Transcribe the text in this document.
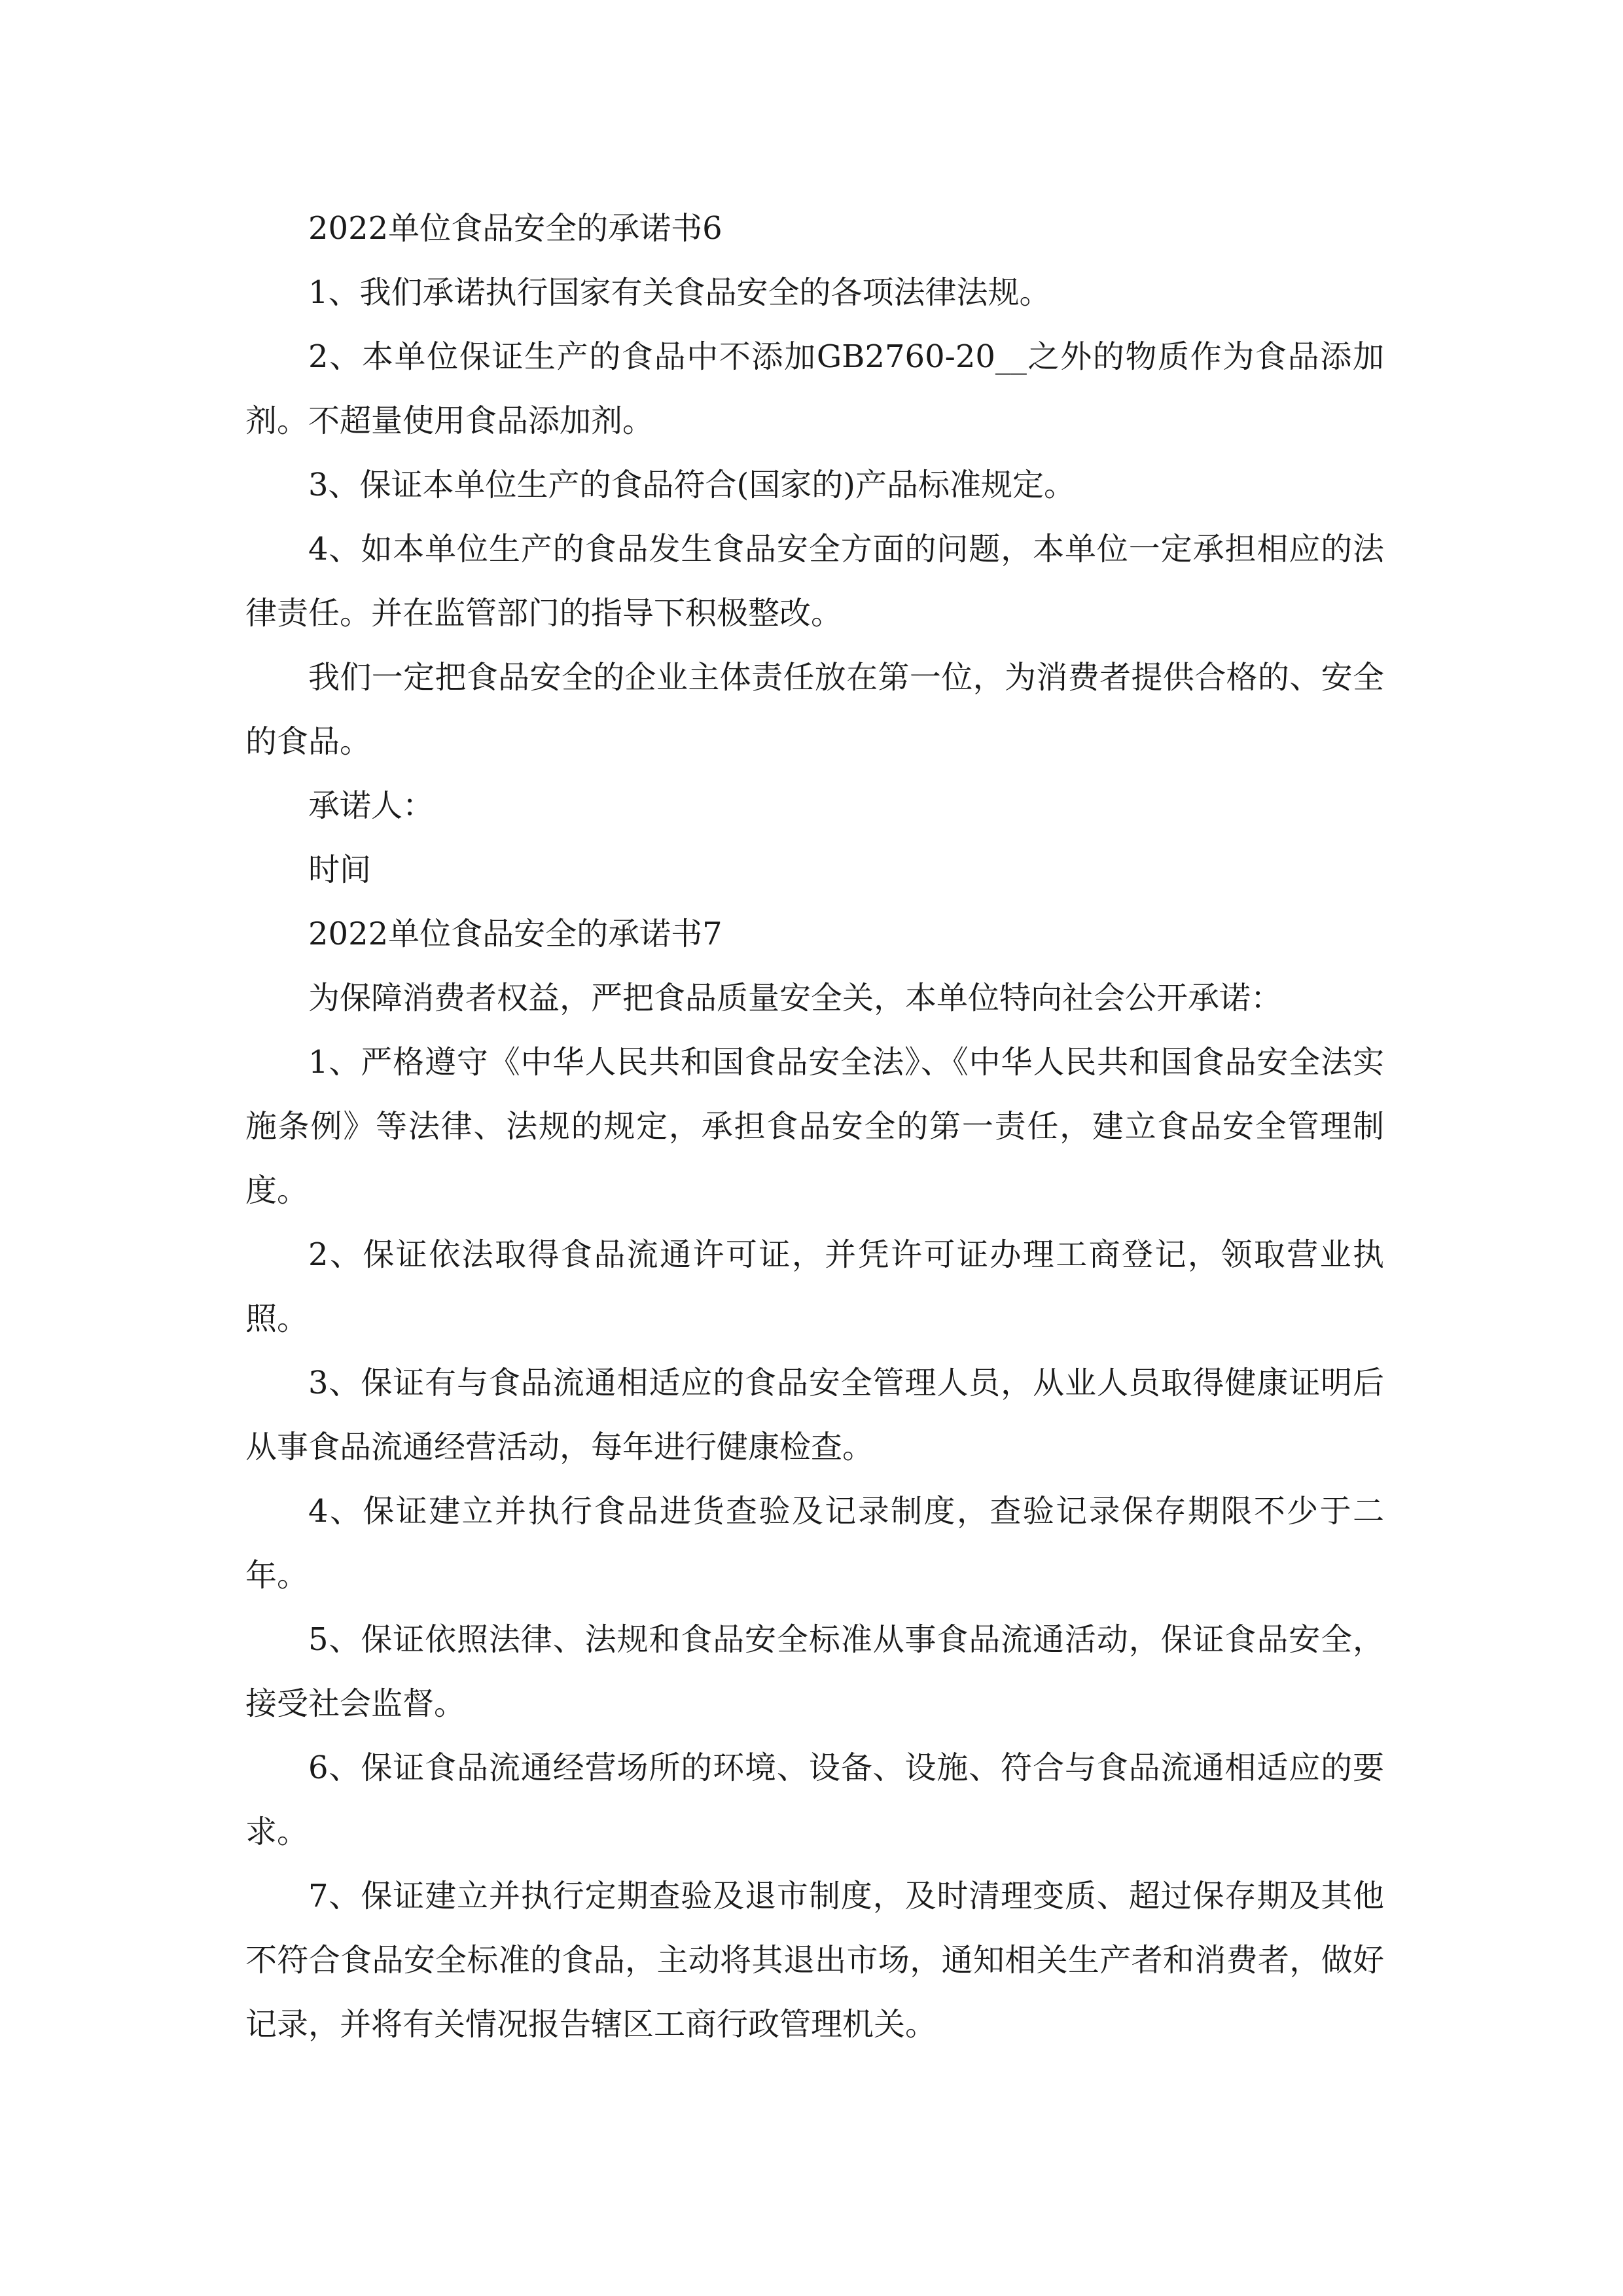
2022单位食品安全的承诺书6

1、我们承诺执行国家有关食品安全的各项法律法规。

2、本单位保证生产的食品中不添加GB2760-20__之外的物质作为食品添加剂。不超量使用食品添加剂。

3、保证本单位生产的食品符合(国家的)产品标准规定。

4、如本单位生产的食品发生食品安全方面的问题，本单位一定承担相应的法律责任。并在监管部门的指导下积极整改。

我们一定把食品安全的企业主体责任放在第一位，为消费者提供合格的、安全的食品。

承诺人：

时间

2022单位食品安全的承诺书7

为保障消费者权益，严把食品质量安全关，本单位特向社会公开承诺：

1、严格遵守《中华人民共和国食品安全法》、《中华人民共和国食品安全法实施条例》等法律、法规的规定，承担食品安全的第一责任，建立食品安全管理制度。

2、保证依法取得食品流通许可证，并凭许可证办理工商登记，领取营业执照。

3、保证有与食品流通相适应的食品安全管理人员，从业人员取得健康证明后从事食品流通经营活动，每年进行健康检查。

4、保证建立并执行食品进货查验及记录制度，查验记录保存期限不少于二年。

5、保证依照法律、法规和食品安全标准从事食品流通活动，保证食品安全，接受社会监督。

6、保证食品流通经营场所的环境、设备、设施、符合与食品流通相适应的要求。

7、保证建立并执行定期查验及退市制度，及时清理变质、超过保存期及其他不符合食品安全标准的食品，主动将其退出市场，通知相关生产者和消费者，做好记录，并将有关情况报告辖区工商行政管理机关。
